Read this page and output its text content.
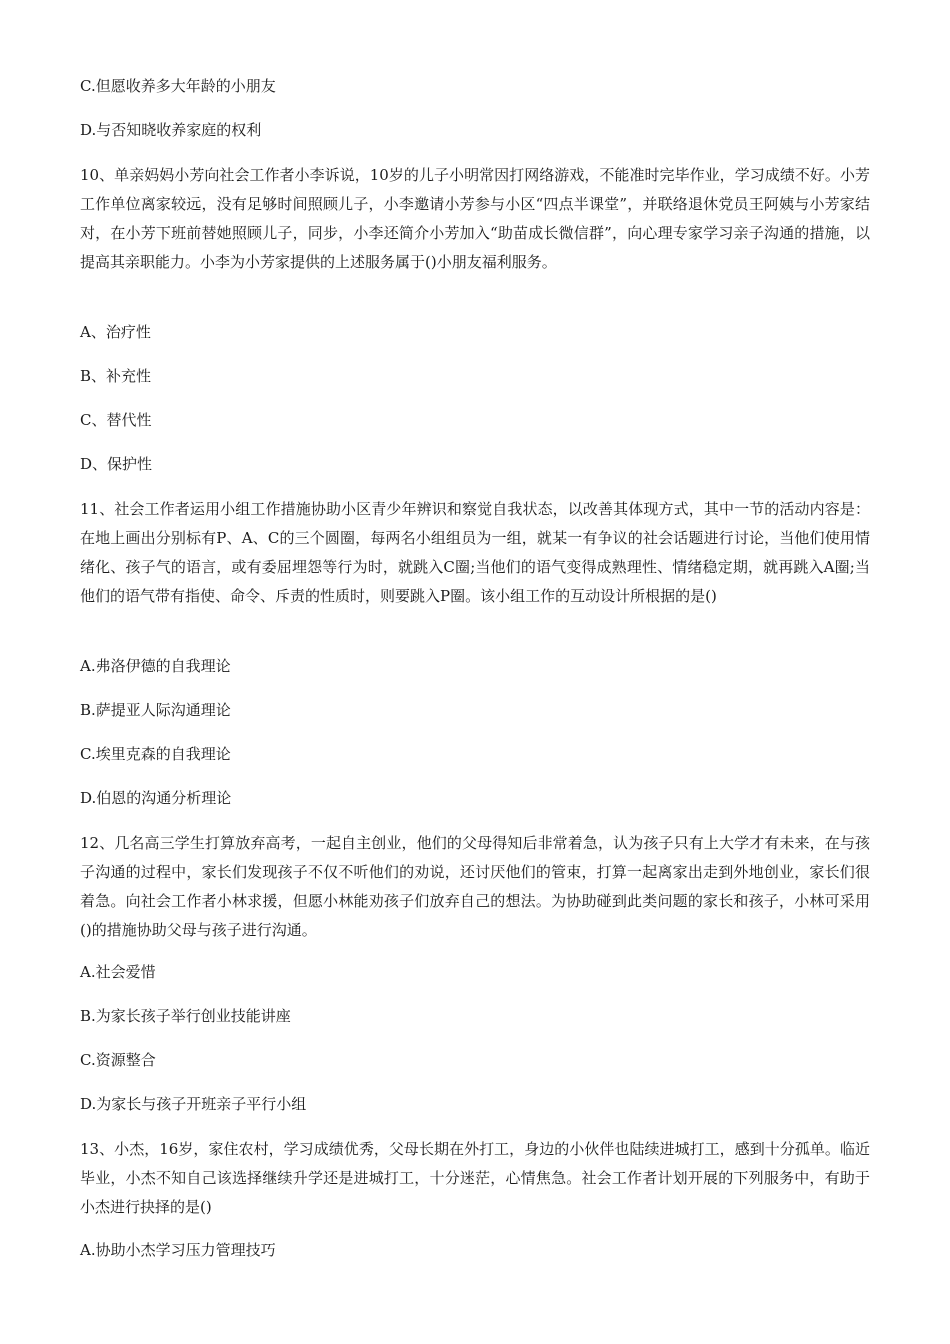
C.但愿收养多大年龄的小朋友
D.与否知晓收养家庭的权利
10、单亲妈妈小芳向社会工作者小李诉说，10岁的儿子小明常因打网络游戏，不能准时完毕作业，学习成绩不好。小芳工作单位离家较远，没有足够时间照顾儿子，小李邀请小芳参与小区“四点半课堂”，并联络退休党员王阿姨与小芳家结对，在小芳下班前替她照顾儿子，同步，小李还简介小芳加入“助苗成长微信群”，向心理专家学习亲子沟通的措施，以提高其亲职能力。小李为小芳家提供的上述服务属于()小朋友福利服务。
A、治疗性
B、补充性
C、替代性
D、保护性
11、社会工作者运用小组工作措施协助小区青少年辨识和察觉自我状态，以改善其体现方式，其中一节的活动内容是：在地上画出分别标有P、A、C的三个圆圈，每两名小组组员为一组，就某一有争议的社会话题进行讨论，当他们使用情绪化、孩子气的语言，或有委屈埋怨等行为时，就跳入C圈;当他们的语气变得成熟理性、情绪稳定期，就再跳入A圈;当他们的语气带有指使、命令、斥责的性质时，则要跳入P圈。该小组工作的互动设计所根据的是()
A.弗洛伊德的自我理论
B.萨提亚人际沟通理论
C.埃里克森的自我理论
D.伯恩的沟通分析理论
12、几名高三学生打算放弃高考，一起自主创业，他们的父母得知后非常着急，认为孩子只有上大学才有未来，在与孩子沟通的过程中，家长们发现孩子不仅不听他们的劝说，还讨厌他们的管束，打算一起离家出走到外地创业，家长们很着急。向社会工作者小林求援，但愿小林能劝孩子们放弃自己的想法。为协助碰到此类问题的家长和孩子，小林可采用()的措施协助父母与孩子进行沟通。
A.社会爱惜
B.为家长孩子举行创业技能讲座
C.资源整合
D.为家长与孩子开班亲子平行小组
13、小杰，16岁，家住农村，学习成绩优秀，父母长期在外打工，身边的小伙伴也陆续进城打工，感到十分孤单。临近毕业，小杰不知自己该选择继续升学还是进城打工，十分迷茫，心情焦急。社会工作者计划开展的下列服务中，有助于小杰进行抉择的是()
A.协助小杰学习压力管理技巧
